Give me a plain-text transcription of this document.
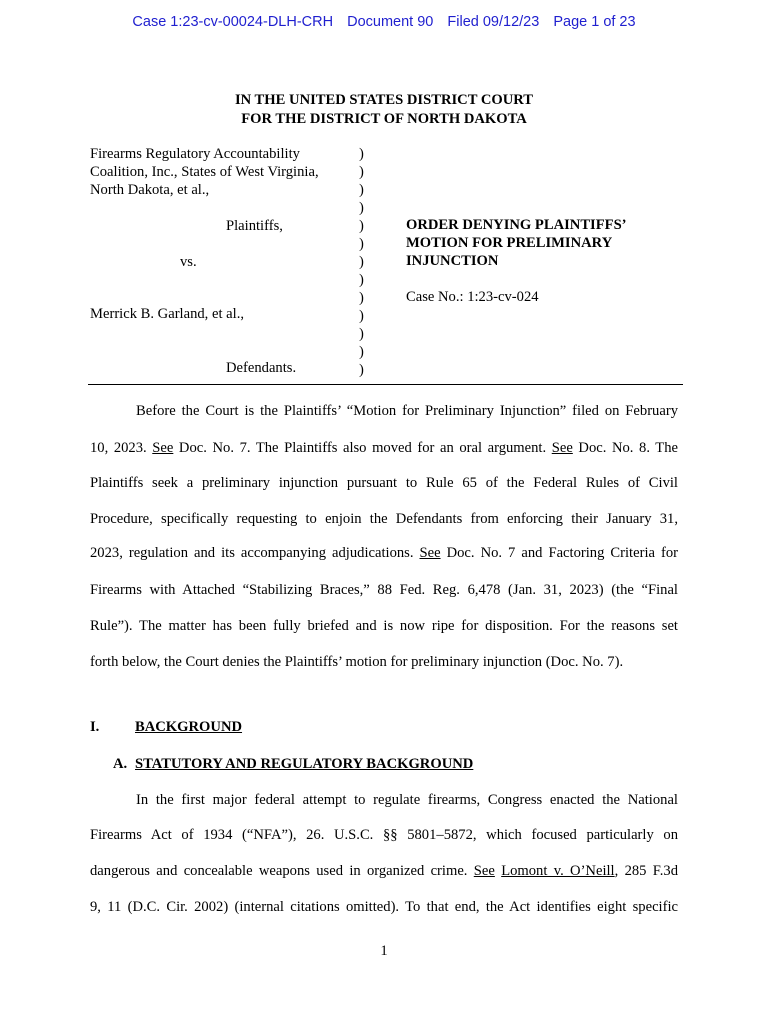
Case 1:23-cv-00024-DLH-CRH Document 90 Filed 09/12/23 Page 1 of 23
IN THE UNITED STATES DISTRICT COURT
FOR THE DISTRICT OF NORTH DAKOTA
Firearms Regulatory Accountability
Coalition, Inc., States of West Virginia,
North Dakota, et al.,
Plaintiffs,
vs.
Merrick B. Garland, et al.,
Defendants.
)
)
)
)
)
)
)
)
)
)
)
)
)
ORDER DENYING PLAINTIFFS’
MOTION FOR PRELIMINARY
INJUNCTION
Case No.: 1:23-cv-024
Before the Court is the Plaintiffs’ “Motion for Preliminary Injunction” filed on February
10, 2023. See Doc. No. 7. The Plaintiffs also moved for an oral argument. See Doc. No. 8. The
Plaintiffs seek a preliminary injunction pursuant to Rule 65 of the Federal Rules of Civil
Procedure, specifically requesting to enjoin the Defendants from enforcing their January 31,
2023, regulation and its accompanying adjudications. See Doc. No. 7 and Factoring Criteria for
Firearms with Attached “Stabilizing Braces,” 88 Fed. Reg. 6,478 (Jan. 31, 2023) (the “Final
Rule”). The matter has been fully briefed and is now ripe for disposition. For the reasons set
forth below, the Court denies the Plaintiffs’ motion for preliminary injunction (Doc. No. 7).
I. BACKGROUND
A. STATUTORY AND REGULATORY BACKGROUND
In the first major federal attempt to regulate firearms, Congress enacted the National
Firearms Act of 1934 (“NFA”), 26. U.S.C. §§ 5801–5872, which focused particularly on
dangerous and concealable weapons used in organized crime. See Lomont v. O’Neill, 285 F.3d
9, 11 (D.C. Cir. 2002) (internal citations omitted). To that end, the Act identifies eight specific
1
